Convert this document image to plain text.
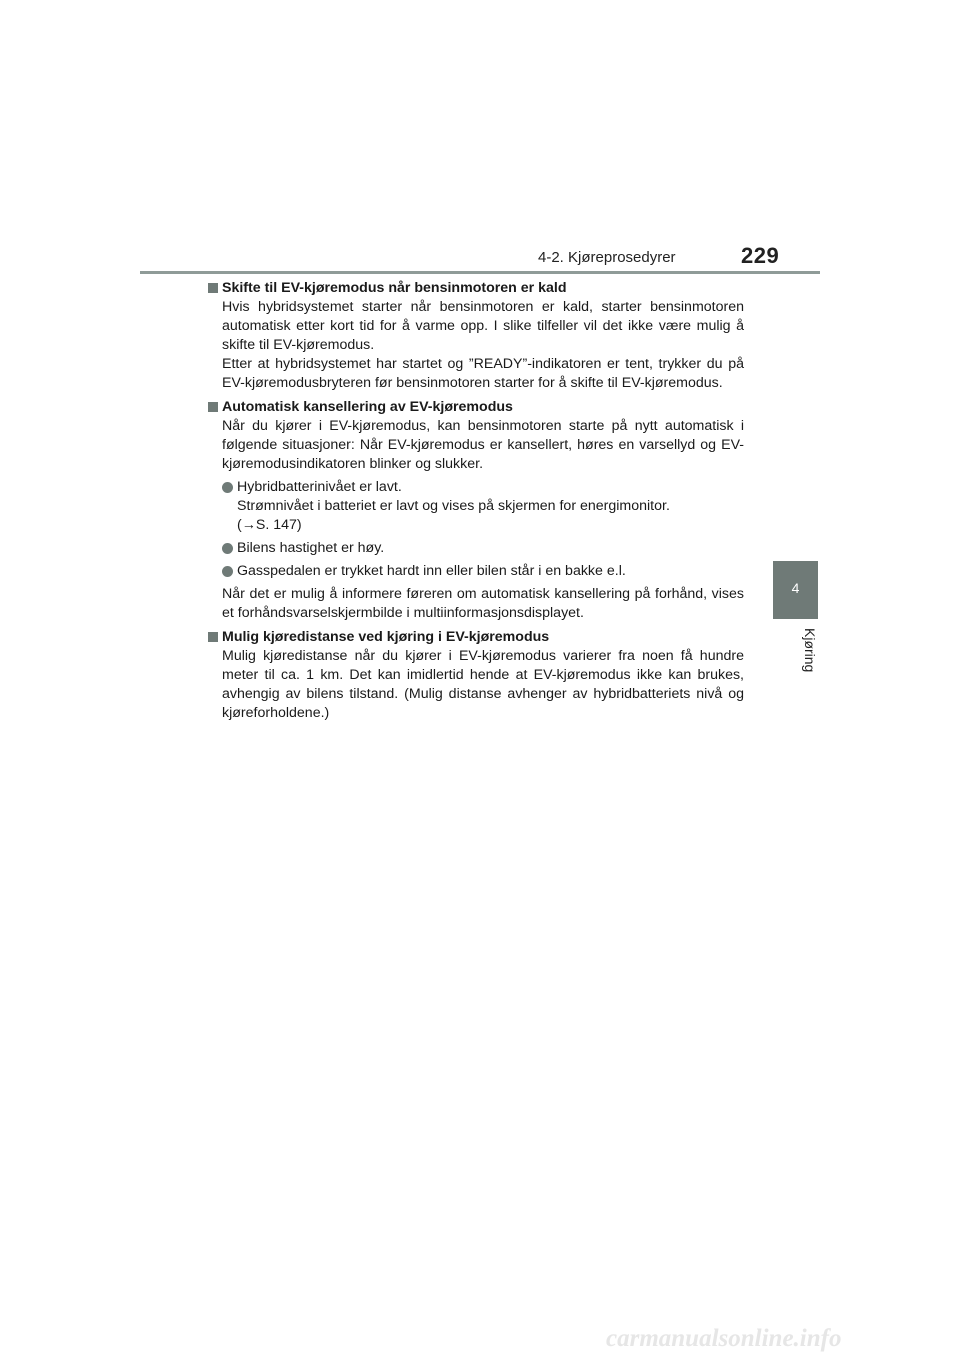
4-2. Kjøreprosedyrer	229
4
Kjøring

Skifte til EV-kjøremodus når bensinmotoren er kald

Hvis hybridsystemet starter når bensinmotoren er kald, starter bensinmotoren automatisk etter kort tid for å varme opp. I slike tilfeller vil det ikke være mulig å skifte til EV-kjøremodus.

Etter at hybridsystemet har startet og ”READY”-indikatoren er tent, trykker du på EV-kjøremodusbryteren før bensinmotoren starter for å skifte til EV-kjøremodus.

Automatisk kansellering av EV-kjøremodus

Når du kjører i EV-kjøremodus, kan bensinmotoren starte på nytt automatisk i følgende situasjoner: Når EV-kjøremodus er kansellert, høres en varsellyd og EV-kjøremodusindikatoren blinker og slukker.

Hybridbatterinivået er lavt.
Strømnivået i batteriet er lavt og vises på skjermen for energimonitor.
(→S. 147)
Bilens hastighet er høy.
Gasspedalen er trykket hardt inn eller bilen står i en bakke e.l.

Når det er mulig å informere føreren om automatisk kansellering på forhånd, vises et forhåndsvarselskjermbilde i multiinformasjonsdisplayet.

Mulig kjøredistanse ved kjøring i EV-kjøremodus

Mulig kjøredistanse når du kjører i EV-kjøremodus varierer fra noen få hundre meter til ca. 1 km. Det kan imidlertid hende at EV-kjøremodus ikke kan brukes, avhengig av bilens tilstand. (Mulig distanse avhenger av hybridbatteriets nivå og kjøreforholdene.)

carmanualsonline.info
